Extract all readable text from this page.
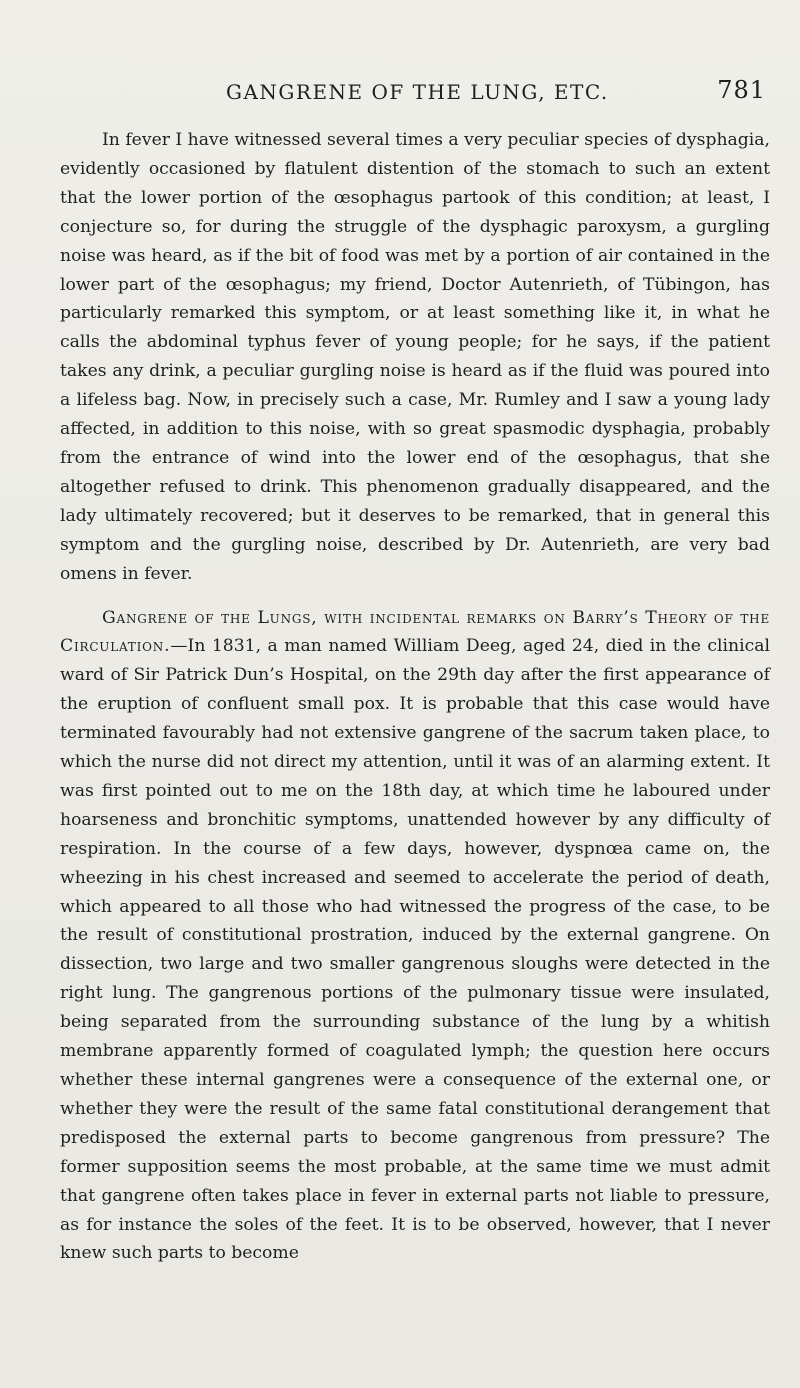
GANGRENE OF THE LUNG, ETC.	781

In fever I have witnessed several times a very peculiar species of dysphagia, evidently occasioned by flatulent distention of the stomach to such an extent that the lower portion of the œsophagus partook of this condition; at least, I conjecture so, for during the struggle of the dysphagic paroxysm, a gurgling noise was heard, as if the bit of food was met by a portion of air contained in the lower part of the œsophagus; my friend, Doctor Autenrieth, of Tübingon, has particularly remarked this symptom, or at least something like it, in what he calls the abdominal typhus fever of young people; for he says, if the patient takes any drink, a peculiar gurgling noise is heard as if the fluid was poured into a lifeless bag. Now, in precisely such a case, Mr. Rumley and I saw a young lady affected, in addition to this noise, with so great spasmodic dysphagia, probably from the entrance of wind into the lower end of the œsophagus, that she altogether refused to drink. This phenomenon gradually disappeared, and the lady ultimately recovered; but it deserves to be remarked, that in general this symptom and the gurgling noise, described by Dr. Autenrieth, are very bad omens in fever.

Gangrene of the Lungs, with incidental remarks on Barry’s Theory of the Circulation.—In 1831, a man named William Deeg, aged 24, died in the clinical ward of Sir Patrick Dun’s Hospital, on the 29th day after the first appearance of the eruption of confluent small pox. It is probable that this case would have terminated favourably had not extensive gangrene of the sacrum taken place, to which the nurse did not direct my attention, until it was of an alarming extent. It was first pointed out to me on the 18th day, at which time he laboured under hoarseness and bronchitic symptoms, unattended however by any difficulty of respiration. In the course of a few days, however, dyspnœa came on, the wheezing in his chest increased and seemed to accelerate the period of death, which appeared to all those who had witnessed the progress of the case, to be the result of constitutional prostration, induced by the external gangrene. On dissection, two large and two smaller gangrenous sloughs were detected in the right lung. The gangrenous portions of the pulmonary tissue were insulated, being separated from the surrounding substance of the lung by a whitish membrane apparently formed of coagulated lymph; the question here occurs whether these internal gangrenes were a consequence of the external one, or whether they were the result of the same fatal constitutional derangement that predisposed the external parts to become gangrenous from pressure? The former supposition seems the most probable, at the same time we must admit that gangrene often takes place in fever in external parts not liable to pressure, as for instance the soles of the feet. It is to be observed, however, that I never knew such parts to become
